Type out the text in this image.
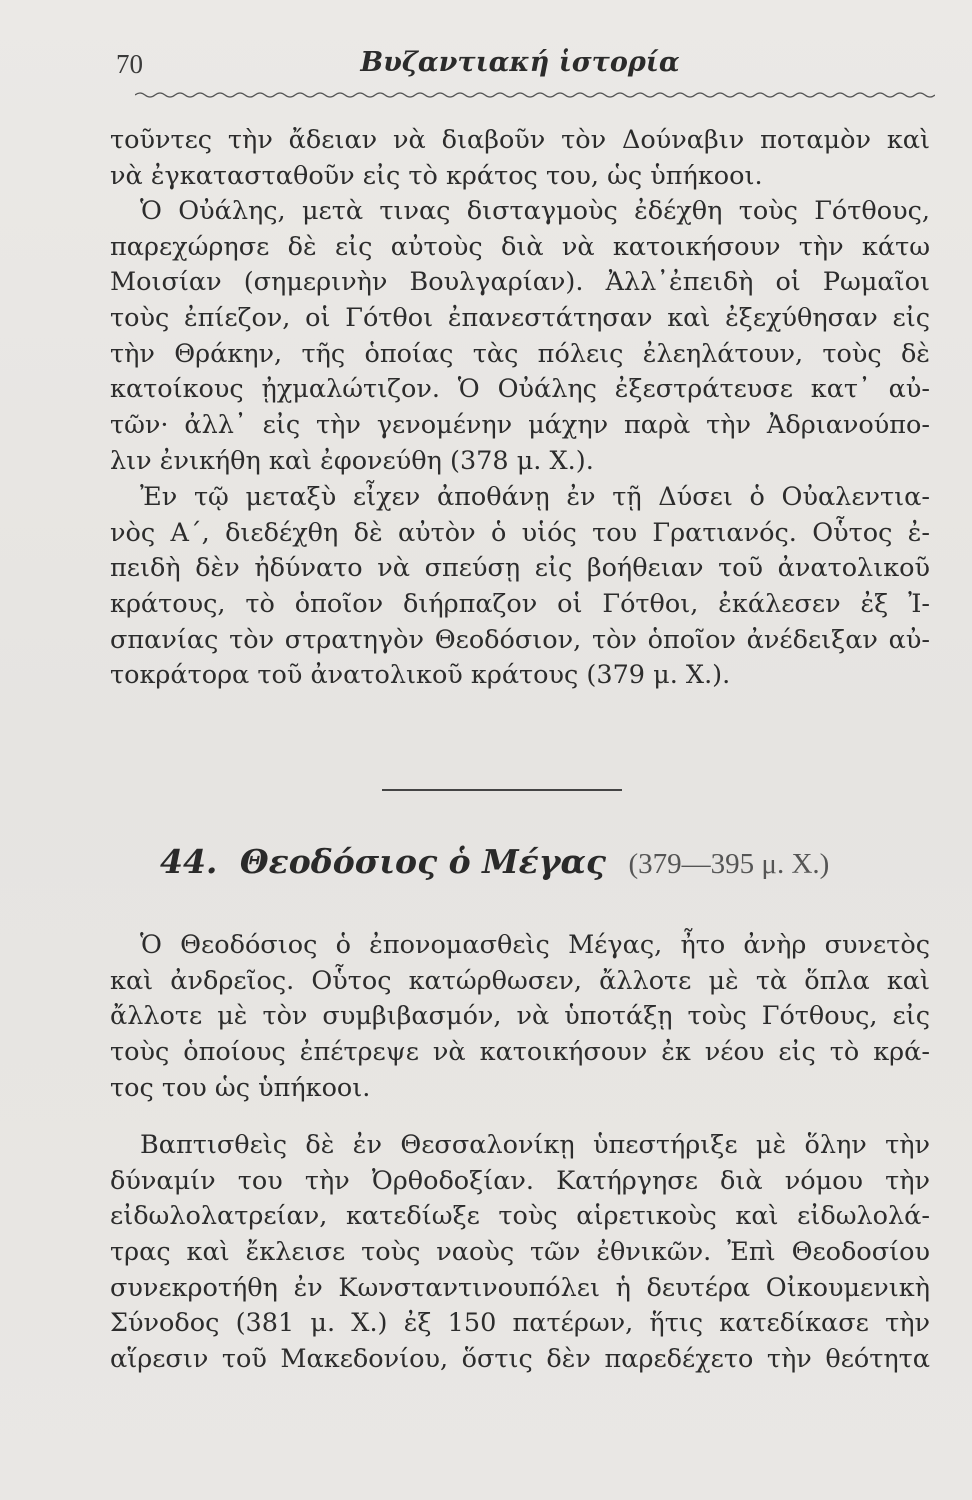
70	Βυζαντιακή ἱστορία
τοῦντες τὴν ἄδειαν νὰ διαβοῦν τὸν Δούναβιν ποταμὸν καὶ
νὰ ἐγκατασταθοῦν εἰς τὸ κράτος του, ὡς ὑπήκοοι.
Ὁ Οὐάλης, μετὰ τινας δισταγμοὺς ἐδέχθη τοὺς Γότθους,
παρεχώρησε δὲ εἰς αὐτοὺς διὰ νὰ κατοικήσουν τὴν κάτω
Μοισίαν (σημερινὴν Βουλγαρίαν). Ἀλλ᾽ἐπειδὴ οἱ Ρωμαῖοι
τοὺς ἐπίεζον, οἱ Γότθοι ἐπανεστάτησαν καὶ ἐξεχύθησαν εἰς
τὴν Θράκην, τῆς ὁποίας τὰς πόλεις ἐλεηλάτουν, τοὺς δὲ
κατοίκους ᾐχμαλώτιζον. Ὁ Οὐάλης ἐξεστράτευσε κατ᾽ αὐ-
τῶν· ἀλλ᾽ εἰς τὴν γενομένην μάχην παρὰ τὴν Ἀδριανούπο-
λιν ἐνικήθη καὶ ἐφονεύθη (378 μ. Χ.).
Ἐν τῷ μεταξὺ εἶχεν ἀποθάνῃ ἐν τῇ Δύσει ὁ Οὐαλεντια-
νὸς Α΄, διεδέχθη δὲ αὐτὸν ὁ υἱός του Γρατιανός. Οὗτος ἐ-
πειδὴ δὲν ἠδύνατο νὰ σπεύσῃ εἰς βοήθειαν τοῦ ἀνατολικοῦ
κράτους, τὸ ὁποῖον διήρπαζον οἱ Γότθοι, ἐκάλεσεν ἐξ Ἰ-
σπανίας τὸν στρατηγὸν Θεοδόσιον, τὸν ὁποῖον ἀνέδειξαν αὐ-
τοκράτορα τοῦ ἀνατολικοῦ κράτους (379 μ. Χ.).
44. Θεοδόσιος ὁ Μέγας (379—395 μ. Χ.)
Ὁ Θεοδόσιος ὁ ἐπονομασθεὶς Μέγας, ἦτο ἀνὴρ συνετὸς
καὶ ἀνδρεῖος. Οὗτος κατώρθωσεν, ἄλλοτε μὲ τὰ ὅπλα καὶ
ἄλλοτε μὲ τὸν συμβιβασμόν, νὰ ὑποτάξῃ τοὺς Γότθους, εἰς
τοὺς ὁποίους ἐπέτρεψε νὰ κατοικήσουν ἐκ νέου εἰς τὸ κρά-
τος του ὡς ὑπήκοοι.
Βαπτισθεὶς δὲ ἐν Θεσσαλονίκῃ ὑπεστήριξε μὲ ὅλην τὴν
δύναμίν του τὴν Ὀρθοδοξίαν. Κατήργησε διὰ νόμου τὴν
εἰδωλολατρείαν, κατεδίωξε τοὺς αἱρετικοὺς καὶ εἰδωλολά-
τρας καὶ ἔκλεισε τοὺς ναοὺς τῶν ἐθνικῶν. Ἐπὶ Θεοδοσίου
συνεκροτήθη ἐν Κωνσταντινουπόλει ἡ δευτέρα Οἰκουμενικὴ
Σύνοδος (381 μ. Χ.) ἐξ 150 πατέρων, ἥτις κατεδίκασε τὴν
αἵρεσιν τοῦ Μακεδονίου, ὅστις δὲν παρεδέχετο τὴν θεότητα
